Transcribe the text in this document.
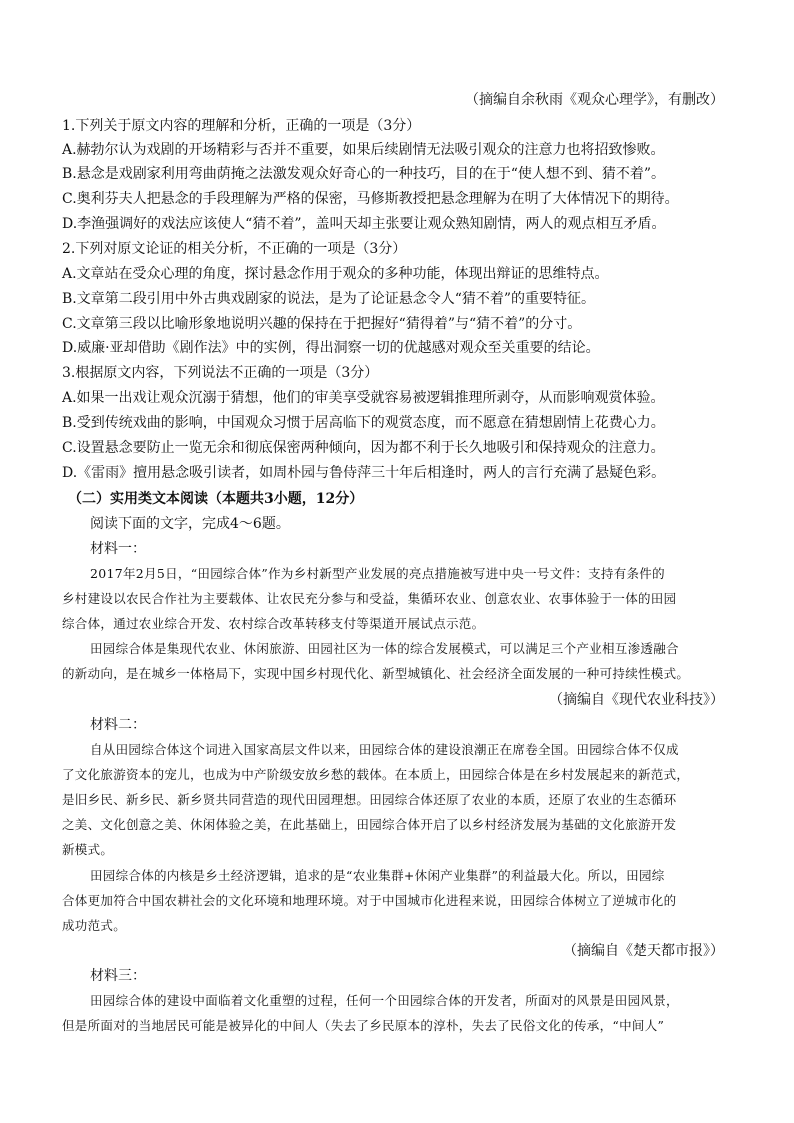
（摘编自余秋雨《观众心理学》，有删改）
1.下列关于原文内容的理解和分析，正确的一项是（3分）
A.赫勃尔认为戏剧的开场精彩与否并不重要，如果后续剧情无法吸引观众的注意力也将招致惨败。
B.悬念是戏剧家利用弯曲荫掩之法激发观众好奇心的一种技巧，目的在于“使人想不到、猜不着”。
C.奥利芬夫人把悬念的手段理解为严格的保密，马修斯教授把悬念理解为在明了大体情况下的期待。
D.李渔强调好的戏法应该使人“猜不着”，盖叫天却主张要让观众熟知剧情，两人的观点相互矛盾。
2.下列对原文论证的相关分析，不正确的一项是（3分）
A.文章站在受众心理的角度，探讨悬念作用于观众的多种功能，体现出辩证的思维特点。
B.文章第二段引用中外古典戏剧家的说法，是为了论证悬念令人“猜不着”的重要特征。
C.文章第三段以比喻形象地说明兴趣的保持在于把握好“猜得着”与“猜不着”的分寸。
D.威廉·亚却借助《剧作法》中的实例，得出洞察一切的优越感对观众至关重要的结论。
3.根据原文内容，下列说法不正确的一项是（3分）
A.如果一出戏让观众沉溺于猜想，他们的审美享受就容易被逻辑推理所剥夺，从而影响观赏体验。
B.受到传统戏曲的影响，中国观众习惯于居高临下的观赏态度，而不愿意在猜想剧情上花费心力。
C.设置悬念要防止一览无余和彻底保密两种倾向，因为都不利于长久地吸引和保持观众的注意力。
D.《雷雨》擅用悬念吸引读者，如周朴园与鲁侍萍三十年后相逢时，两人的言行充满了悬疑色彩。
（二）实用类文本阅读（本题共3小题，12分）
阅读下面的文字，完成4～6题。
材料一：
2017年2月5日，“田园综合体”作为乡村新型产业发展的亮点措施被写进中央一号文件：支持有条件的
乡村建设以农民合作社为主要载体、让农民充分参与和受益，集循环农业、创意农业、农事体验于一体的田园
综合体，通过农业综合开发、农村综合改革转移支付等渠道开展试点示范。
田园综合体是集现代农业、休闲旅游、田园社区为一体的综合发展模式，可以满足三个产业相互渗透融合
的新动向，是在城乡一体格局下，实现中国乡村现代化、新型城镇化、社会经济全面发展的一种可持续性模式。
（摘编自《现代农业科技》）
材料二：
自从田园综合体这个词进入国家高层文件以来，田园综合体的建设浪潮正在席卷全国。田园综合体不仅成
了文化旅游资本的宠儿，也成为中产阶级安放乡愁的载体。在本质上，田园综合体是在乡村发展起来的新范式，
是旧乡民、新乡民、新乡贤共同营造的现代田园理想。田园综合体还原了农业的本质，还原了农业的生态循环
之美、文化创意之美、休闲体验之美，在此基础上，田园综合体开启了以乡村经济发展为基础的文化旅游开发
新模式。
田园综合体的内核是乡土经济逻辑，追求的是“农业集群+休闲产业集群”的利益最大化。所以，田园综
合体更加符合中国农耕社会的文化环境和地理环境。对于中国城市化进程来说，田园综合体树立了逆城市化的
成功范式。
（摘编自《楚天都市报》）
材料三：
田园综合体的建设中面临着文化重塑的过程，任何一个田园综合体的开发者，所面对的风景是田园风景，
但是所面对的当地居民可能是被异化的中间人（失去了乡民原本的淳朴，失去了民俗文化的传承，“中间人”
